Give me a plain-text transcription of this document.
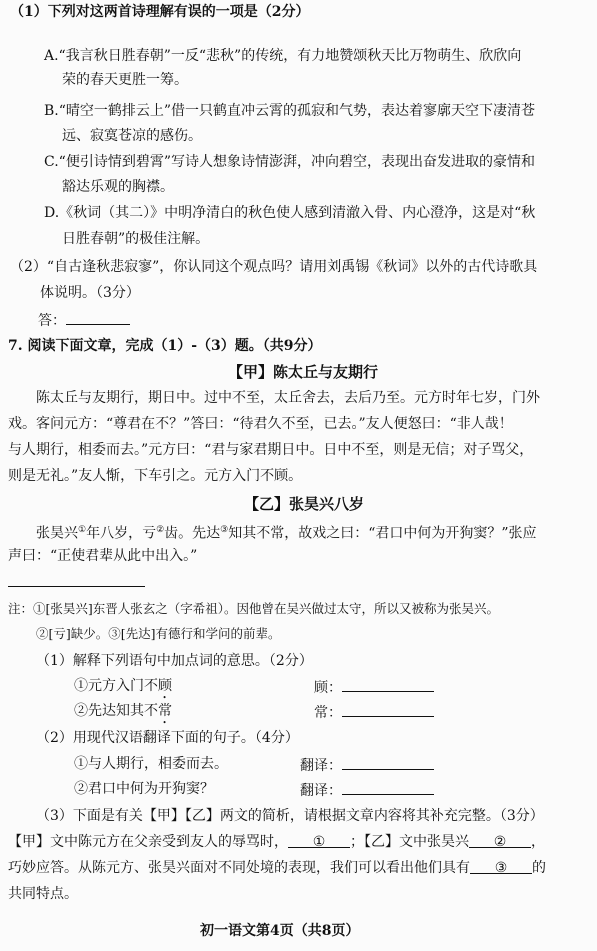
（1）下列对这两首诗理解有误的一项是（2分）
A.“我言秋日胜春朝”一反“悲秋”的传统，有力地赞颂秋天比万物萌生、欣欣向
荣的春天更胜一筹。
B.“晴空一鹤排云上”借一只鹤直冲云霄的孤寂和气势，表达着寥廓天空下凄清苍
远、寂寞苍凉的感伤。
C.“便引诗情到碧霄”写诗人想象诗情澎湃，冲向碧空，表现出奋发进取的豪情和
豁达乐观的胸襟。
D.《秋词（其二）》中明净清白的秋色使人感到清澈入骨、内心澄净，这是对“秋
日胜春朝”的极佳注解。
（2）“自古逢秋悲寂寥”，你认同这个观点吗？请用刘禹锡《秋词》以外的古代诗歌具
体说明。（3分）
答：
7. 阅读下面文章，完成（1）-（3）题。（共9分）
【甲】陈太丘与友期行
陈太丘与友期行，期日中。过中不至，太丘舍去，去后乃至。元方时年七岁，门外
戏。客问元方：“尊君在不？”答曰：“待君久不至，已去。”友人便怒曰：“非人哉！
与人期行，相委而去。”元方曰：“君与家君期日中。日中不至，则是无信；对子骂父，
则是无礼。”友人惭，下车引之。元方入门不顾。
【乙】张昊兴八岁
张昊兴①年八岁，亏②齿。先达③知其不常，故戏之曰：“君口中何为开狗窦？”张应
声曰：“正使君辈从此中出入。”
注：①[张昊兴]东晋人张玄之（字希祖）。因他曾在吴兴做过太守，所以又被称为张吴兴。
②[亏]缺少。③[先达]有德行和学问的前辈。
（1）解释下列语句中加点词的意思。（2分）
①元方入门不顾	顾：
②先达知其不常	常：
（2）用现代汉语翻译下面的句子。（4分）
①与人期行，相委而去。	翻译：
②君口中何为开狗窦？	翻译：
（3）下面是有关【甲】【乙】两文的简析，请根据文章内容将其补充完整。（3分）
【甲】文中陈元方在父亲受到友人的辱骂时， ① ；【乙】文中张昊兴 ② ，
巧妙应答。从陈元方、张昊兴面对不同处境的表现，我们可以看出他们具有 ③ 的
共同特点。
初一语文第4页（共8页）
